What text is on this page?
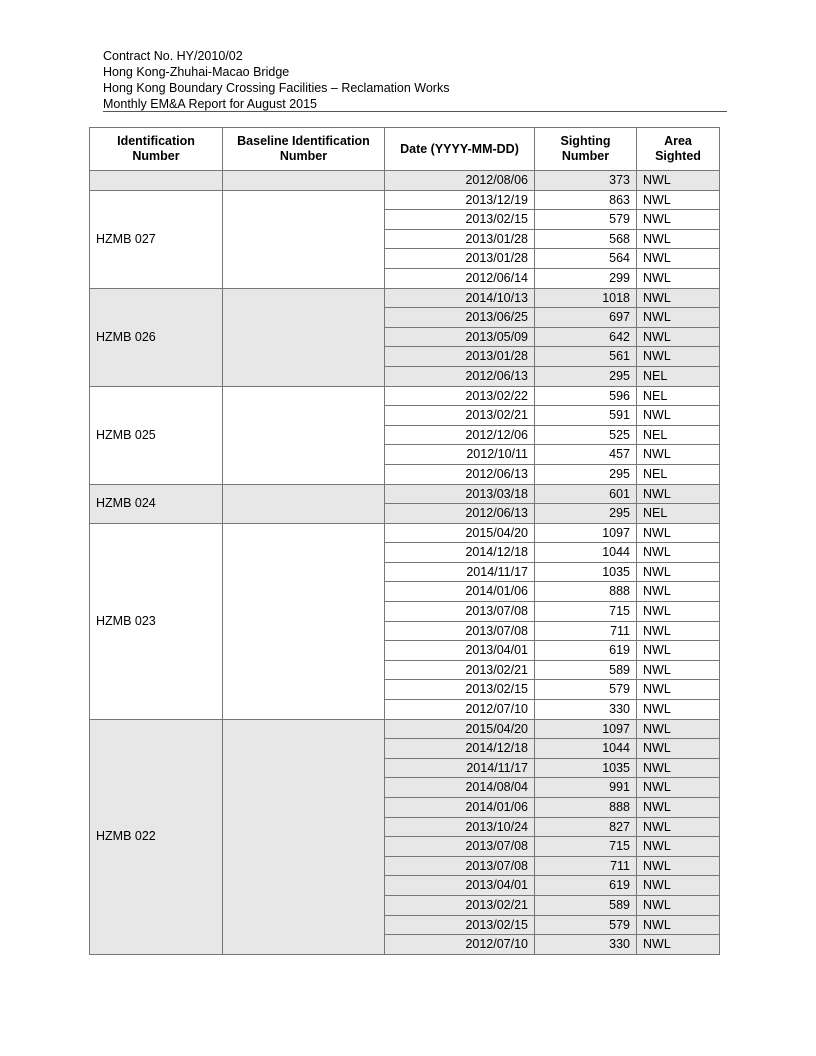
Contract No. HY/2010/02
Hong Kong-Zhuhai-Macao Bridge
Hong Kong Boundary Crossing Facilities – Reclamation Works
Monthly EM&A Report for August 2015
Identification Number	Baseline Identification Number	Date (YYYY-MM-DD)	Sighting Number	Area Sighted
		2012/08/06	373	NWL
HZMB 027		2013/12/19	863	NWL
		2013/02/15	579	NWL
		2013/01/28	568	NWL
		2013/01/28	564	NWL
		2012/06/14	299	NWL
HZMB 026		2014/10/13	1018	NWL
		2013/06/25	697	NWL
		2013/05/09	642	NWL
		2013/01/28	561	NWL
		2012/06/13	295	NEL
HZMB 025		2013/02/22	596	NEL
		2013/02/21	591	NWL
		2012/12/06	525	NEL
		2012/10/11	457	NWL
		2012/06/13	295	NEL
HZMB 024		2013/03/18	601	NWL
		2012/06/13	295	NEL
HZMB 023		2015/04/20	1097	NWL
		2014/12/18	1044	NWL
		2014/11/17	1035	NWL
		2014/01/06	888	NWL
		2013/07/08	715	NWL
		2013/07/08	711	NWL
		2013/04/01	619	NWL
		2013/02/21	589	NWL
		2013/02/15	579	NWL
		2012/07/10	330	NWL
HZMB 022		2015/04/20	1097	NWL
		2014/12/18	1044	NWL
		2014/11/17	1035	NWL
		2014/08/04	991	NWL
		2014/01/06	888	NWL
		2013/10/24	827	NWL
		2013/07/08	715	NWL
		2013/07/08	711	NWL
		2013/04/01	619	NWL
		2013/02/21	589	NWL
		2013/02/15	579	NWL
		2012/07/10	330	NWL
